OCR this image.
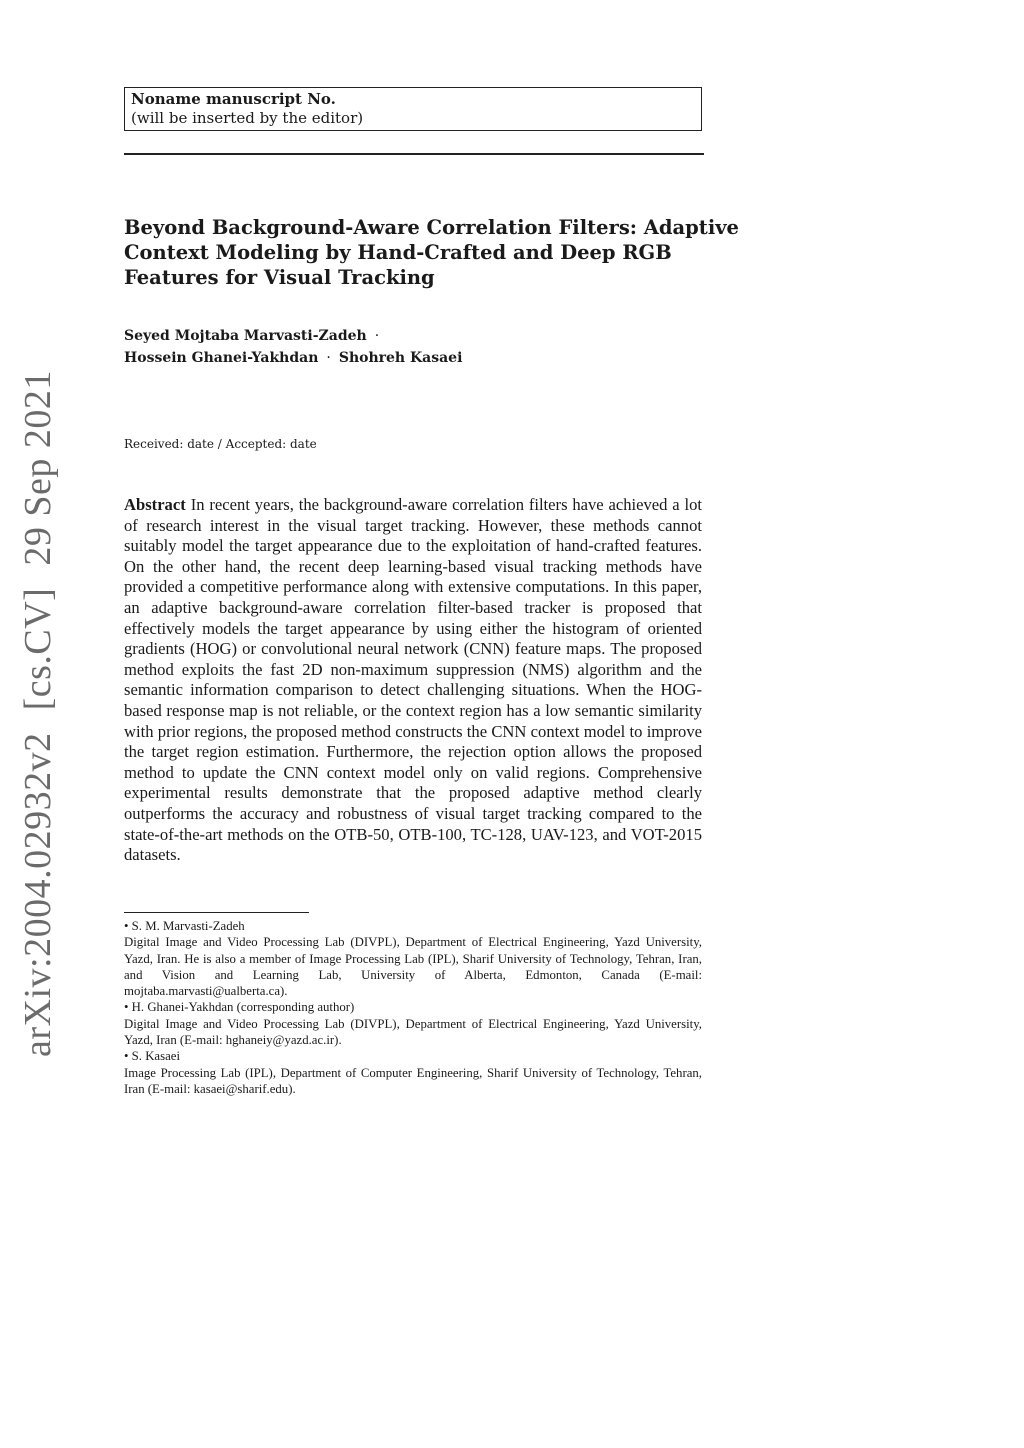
Noname manuscript No.
(will be inserted by the editor)
Beyond Background-Aware Correlation Filters: Adaptive
Context Modeling by Hand-Crafted and Deep RGB
Features for Visual Tracking
Seyed Mojtaba Marvasti-Zadeh ·
Hossein Ghanei-Yakhdan · Shohreh Kasaei
Received: date / Accepted: date

Abstract In recent years, the background-aware correlation filters have achieved a lot of research interest in the visual target tracking. However, these methods cannot suitably model the target appearance due to the exploitation of hand-crafted features. On the other hand, the recent deep learning-based visual tracking methods have provided a competitive performance along with extensive computations. In this paper, an adaptive background-aware correlation filter-based tracker is proposed that effectively models the target appearance by using either the histogram of oriented gradients (HOG) or convolutional neural network (CNN) feature maps. The proposed method exploits the fast 2D non-maximum suppression (NMS) algorithm and the semantic information comparison to detect challenging situations. When the HOG-based response map is not reliable, or the context region has a low semantic similarity with prior regions, the proposed method constructs the CNN context model to improve the target region estimation. Furthermore, the rejection option allows the proposed method to update the CNN context model only on valid regions. Comprehensive experimental results demonstrate that the proposed adaptive method clearly outperforms the accuracy and robustness of visual target tracking compared to the state-of-the-art methods on the OTB-50, OTB-100, TC-128, UAV-123, and VOT-2015 datasets.

• S. M. Marvasti-Zadeh
Digital Image and Video Processing Lab (DIVPL), Department of Electrical Engineering, Yazd University, Yazd, Iran. He is also a member of Image Processing Lab (IPL), Sharif University of Technology, Tehran, Iran, and Vision and Learning Lab, University of Alberta, Edmonton, Canada (E-mail: mojtaba.marvasti@ualberta.ca).
• H. Ghanei-Yakhdan (corresponding author)
Digital Image and Video Processing Lab (DIVPL), Department of Electrical Engineering, Yazd University, Yazd, Iran (E-mail: hghaneiy@yazd.ac.ir).
• S. Kasaei
Image Processing Lab (IPL), Department of Computer Engineering, Sharif University of Technology, Tehran, Iran (E-mail: kasaei@sharif.edu).
arXiv:2004.02932v2[cs.CV]29 Sep 2021
